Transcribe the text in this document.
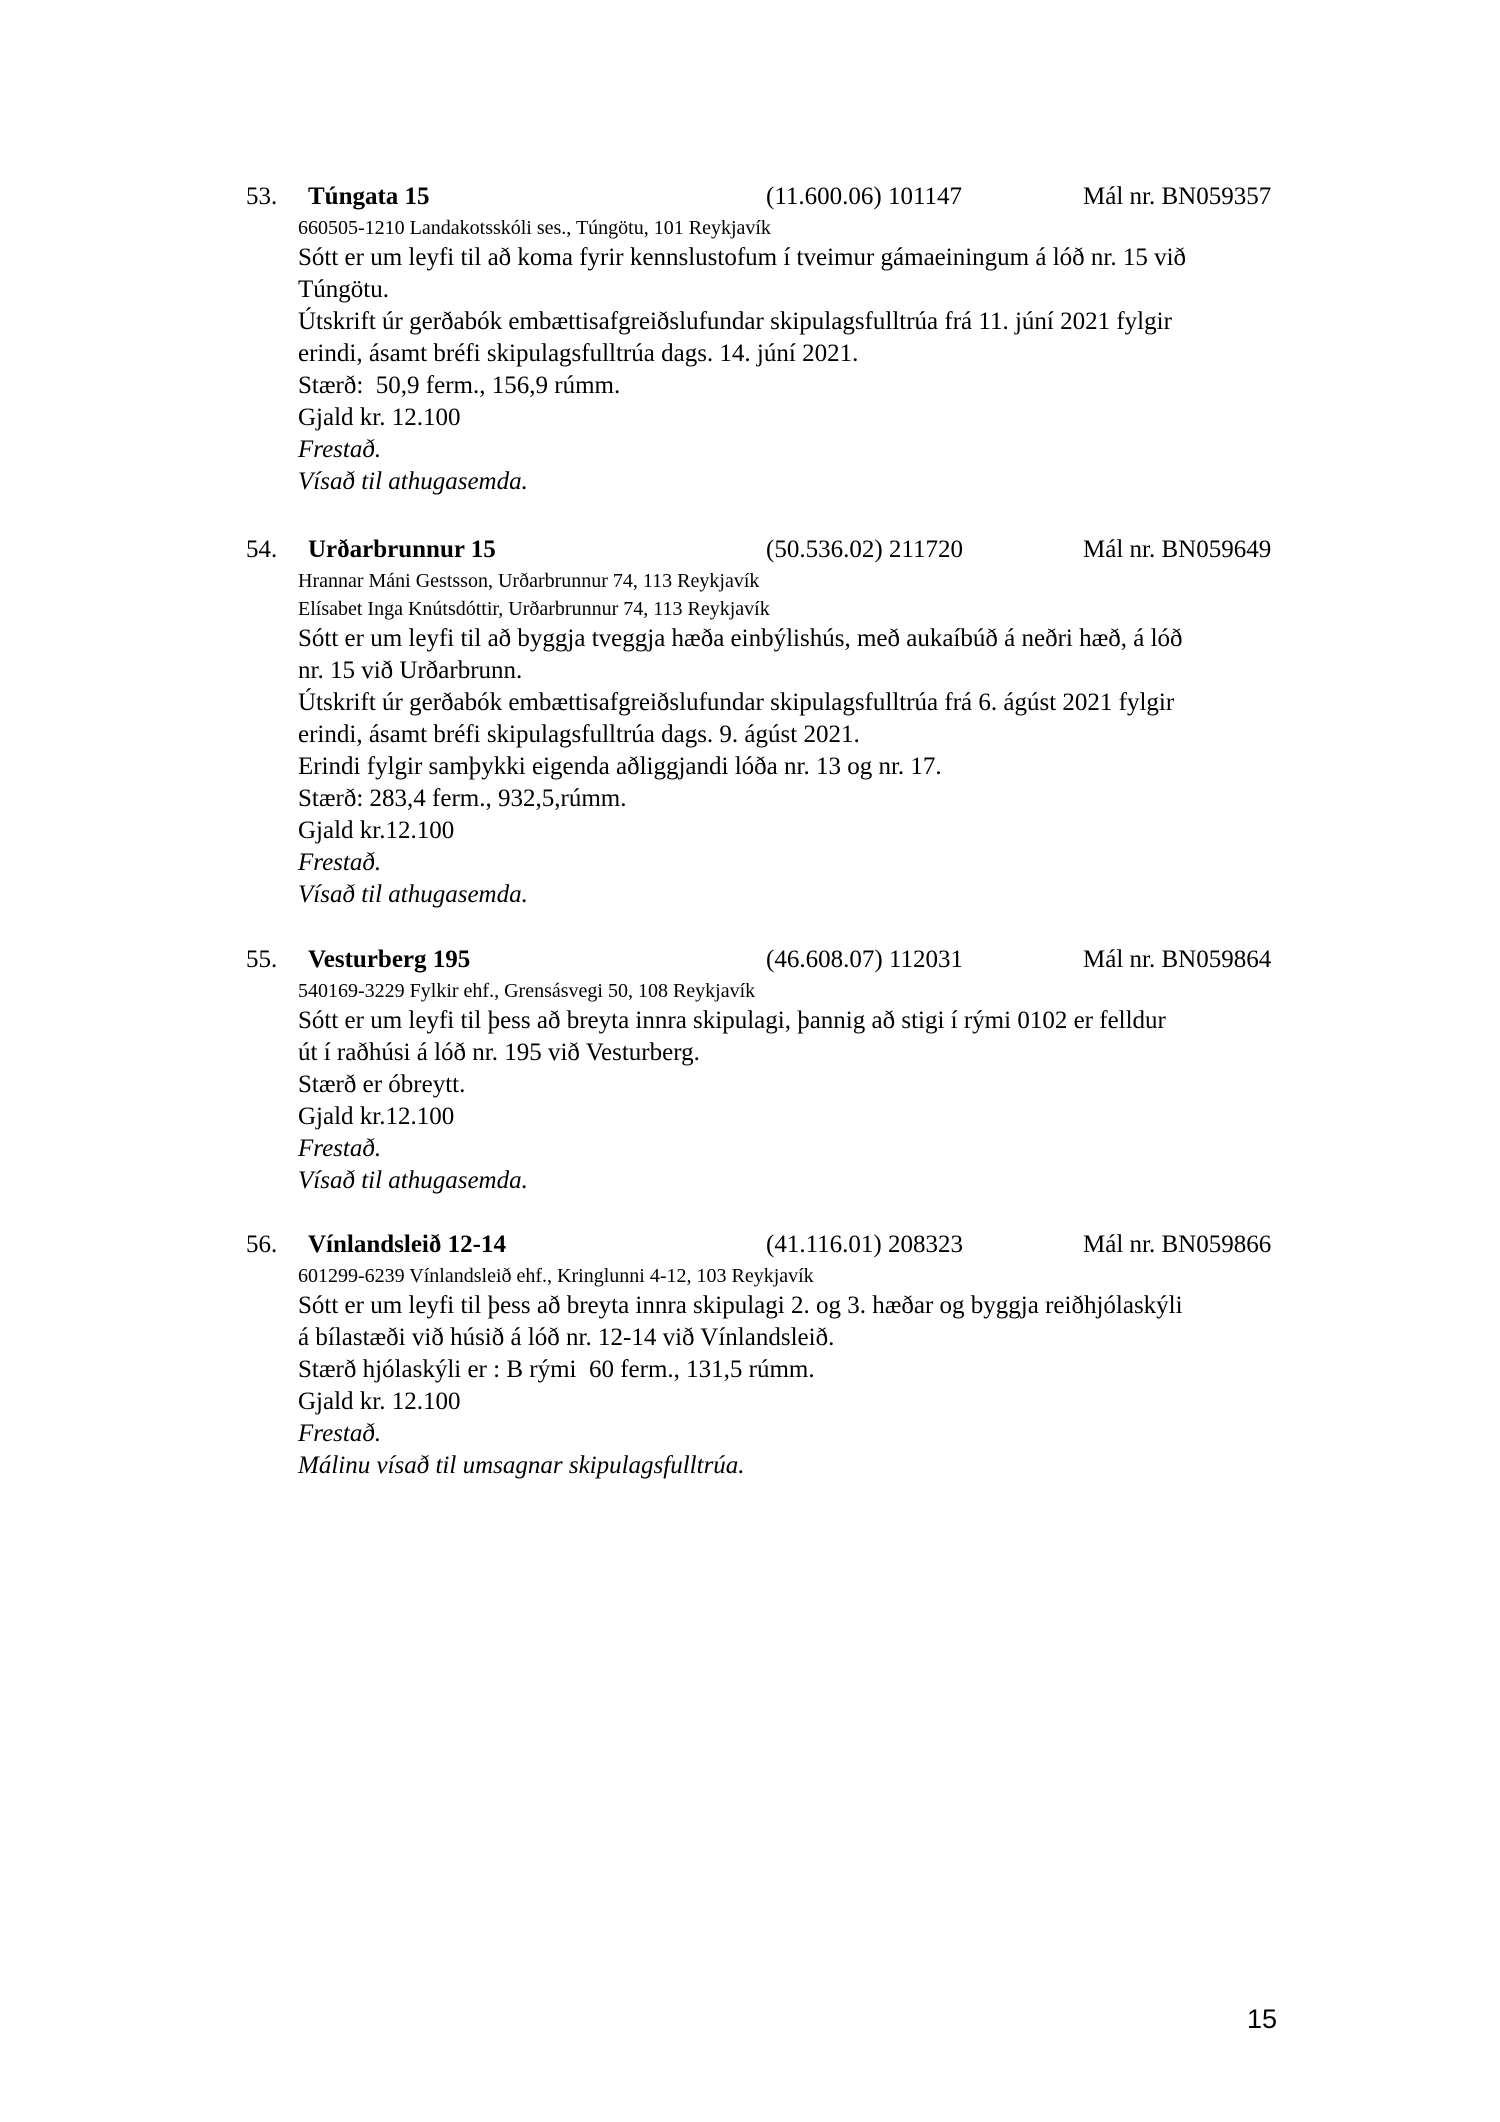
53. Túngata 15	(11.600.06) 101147	Mál nr. BN059357
660505-1210 Landakotsskóli ses., Túngötu, 101 Reykjavík
Sótt er um leyfi til að koma fyrir kennslustofum í tveimur gámaeiningum á lóð nr. 15 við
Túngötu.
Útskrift úr gerðabók embættisafgreiðslufundar skipulagsfulltrúa frá 11. júní 2021 fylgir
erindi, ásamt bréfi skipulagsfulltrúa dags. 14. júní 2021.
Stærð:  50,9 ferm., 156,9 rúmm.
Gjald kr. 12.100
Frestað.
Vísað til athugasemda.
54. Urðarbrunnur 15	(50.536.02) 211720	Mál nr. BN059649
Hrannar Máni Gestsson, Urðarbrunnur 74, 113 Reykjavík
Elísabet Inga Knútsdóttir, Urðarbrunnur 74, 113 Reykjavík
Sótt er um leyfi til að byggja tveggja hæða einbýlishús, með aukaíbúð á neðri hæð, á lóð
nr. 15 við Urðarbrunn.
Útskrift úr gerðabók embættisafgreiðslufundar skipulagsfulltrúa frá 6. ágúst 2021 fylgir
erindi, ásamt bréfi skipulagsfulltrúa dags. 9. ágúst 2021.
Erindi fylgir samþykki eigenda aðliggjandi lóða nr. 13 og nr. 17.
Stærð: 283,4 ferm., 932,5,rúmm.
Gjald kr.12.100
Frestað.
Vísað til athugasemda.
55. Vesturberg 195	(46.608.07) 112031	Mál nr. BN059864
540169-3229 Fylkir ehf., Grensásvegi 50, 108 Reykjavík
Sótt er um leyfi til þess að breyta innra skipulagi, þannig að stigi í rými 0102 er felldur
út í raðhúsi á lóð nr. 195 við Vesturberg.
Stærð er óbreytt.
Gjald kr.12.100
Frestað.
Vísað til athugasemda.
56. Vínlandsleið 12-14	(41.116.01) 208323	Mál nr. BN059866
601299-6239 Vínlandsleið ehf., Kringlunni 4-12, 103 Reykjavík
Sótt er um leyfi til þess að breyta innra skipulagi 2. og 3. hæðar og byggja reiðhjólaskýli
á bílastæði við húsið á lóð nr. 12-14 við Vínlandsleið.
Stærð hjólaskýli er : B rými  60 ferm., 131,5 rúmm.
Gjald kr. 12.100
Frestað.
Málinu vísað til umsagnar skipulagsfulltrúa.
15
